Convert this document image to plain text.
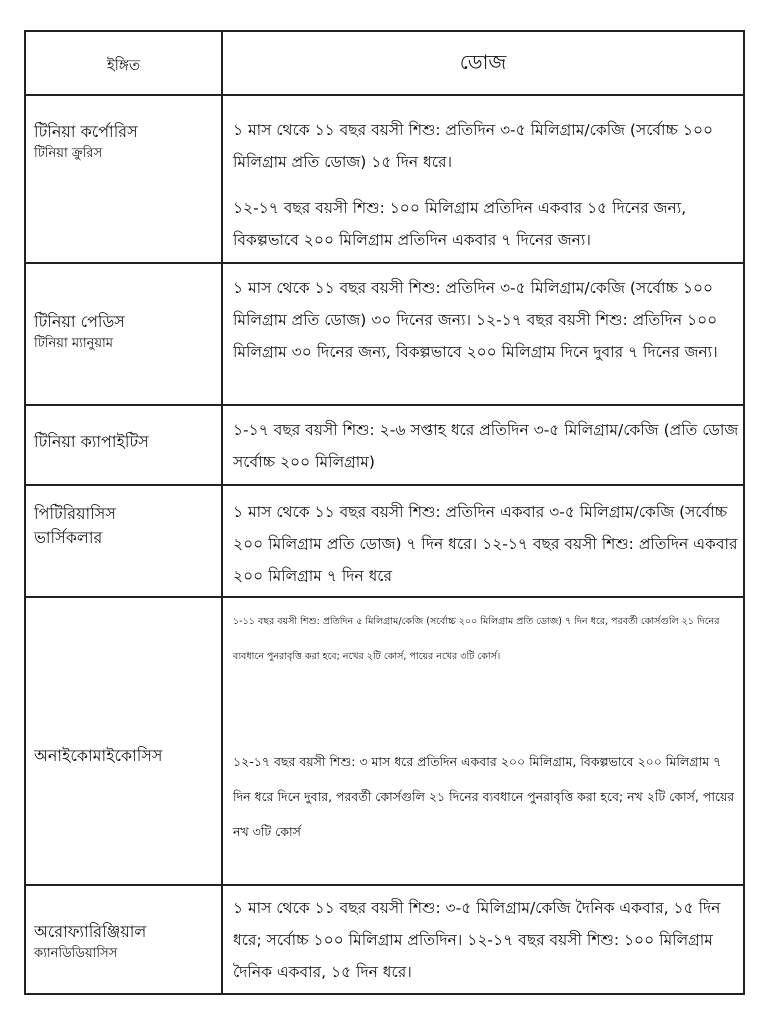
ইঙ্গিত	ডোজ
টিনিয়া কর্পোরিস
টিনিয়া ক্রুরিস

১ মাস থেকে ১১ বছর বয়সী শিশু: প্রতিদিন ৩-৫ মিলিগ্রাম/কেজি (সর্বোচ্চ ১০০ মিলিগ্রাম প্রতি ডোজ) ১৫ দিন ধরে।

১২-১৭ বছর বয়সী শিশু: ১০০ মিলিগ্রাম প্রতিদিন একবার ১৫ দিনের জন্য, বিকল্পভাবে ২০০ মিলিগ্রাম প্রতিদিন একবার ৭ দিনের জন্য।

টিনিয়া পেডিস
টিনিয়া ম্যানুয়াম

১ মাস থেকে ১১ বছর বয়সী শিশু: প্রতিদিন ৩-৫ মিলিগ্রাম/কেজি (সর্বোচ্চ ১০০ মিলিগ্রাম প্রতি ডোজ) ৩০ দিনের জন্য। ১২-১৭ বছর বয়সী শিশু: প্রতিদিন ১০০ মিলিগ্রাম ৩০ দিনের জন্য, বিকল্পভাবে ২০০ মিলিগ্রাম দিনে দুবার ৭ দিনের জন্য।

টিনিয়া ক্যাপাইটিস

১-১৭ বছর বয়সী শিশু: ২-৬ সপ্তাহ ধরে প্রতিদিন ৩-৫ মিলিগ্রাম/কেজি (প্রতি ডোজ সর্বোচ্চ ২০০ মিলিগ্রাম)

পিটিরিয়াসিস ভার্সিকলার

১ মাস থেকে ১১ বছর বয়সী শিশু: প্রতিদিন একবার ৩-৫ মিলিগ্রাম/কেজি (সর্বোচ্চ ২০০ মিলিগ্রাম প্রতি ডোজ) ৭ দিন ধরে। ১২-১৭ বছর বয়সী শিশু: প্রতিদিন একবার ২০০ মিলিগ্রাম ৭ দিন ধরে

অনাইকোমাইকোসিস

১-১১ বছর বয়সী শিশু: প্রতিদিন ৫ মিলিগ্রাম/কেজি (সর্বোচ্চ ২০০ মিলিগ্রাম প্রতি ডোজ) ৭ দিন ধরে, পরবর্তী কোর্সগুলি ২১ দিনের ব্যবধানে পুনরাবৃত্তি করা হবে; নখের ২টি কোর্স, পায়ের নখের ৩টি কোর্স।

১২-১৭ বছর বয়সী শিশু: ৩ মাস ধরে প্রতিদিন একবার ২০০ মিলিগ্রাম, বিকল্পভাবে ২০০ মিলিগ্রাম ৭ দিন ধরে দিনে দুবার, পরবর্তী কোর্সগুলি ২১ দিনের ব্যবধানে পুনরাবৃত্তি করা হবে; নখ ২টি কোর্স, পায়ের নখ ৩টি কোর্স

অরোফ্যারিঞ্জিয়াল
ক্যানডিডিয়াসিস

১ মাস থেকে ১১ বছর বয়সী শিশু: ৩-৫ মিলিগ্রাম/কেজি দৈনিক একবার, ১৫ দিন ধরে; সর্বোচ্চ ১০০ মিলিগ্রাম প্রতিদিন। ১২-১৭ বছর বয়সী শিশু: ১০০ মিলিগ্রাম দৈনিক একবার, ১৫ দিন ধরে।
